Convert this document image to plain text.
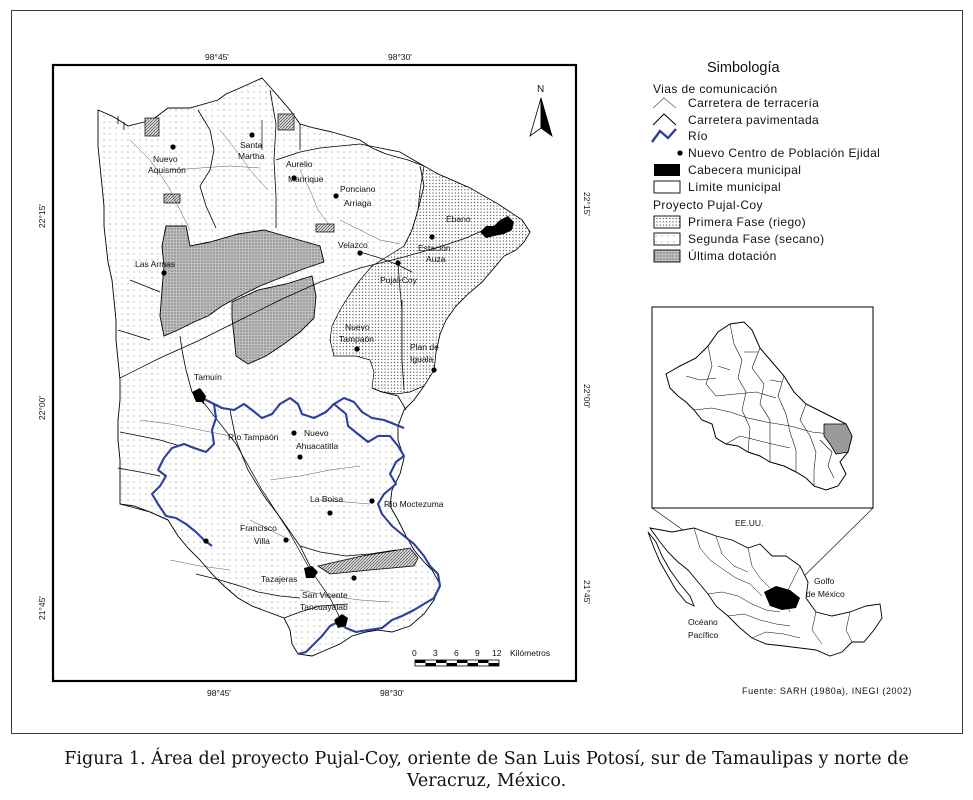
Nuevo
Aquismón
Santa
Martha
Aurelio
Manrique
Ponciano
Arriaga
Ébano
Las Armas
Velazco	Estación
Auza
Pujal-Coy
Nuevo
Tampaón
Plan de
Iguala
Tamuín
Río Tampaón	Nuevo
Ahuacatitla
La Boisa	Río Moctezuma
Francisco
Villa
Tazajeras
San Vicente
Tancuayalab
98°45'	98°30'
98°45'	98°30'
22°15'
22°00'
21°45'
22°15'
22°00'
21°45'
N
0 3 6 9 12 Kilómetros
Simbología
Vias de comunicación
Carretera de terracería
Carretera pavimentada
Río
Nuevo Centro de Población Ejidal
Cabecera municipal
Límite municipal
Proyecto Pujal-Coy
Primera Fase (riego)
Segunda Fase (secano)
Última dotación
EE.UU.
Golfo
de México
Océano
Pacífico
Fuente: SARH (1980a), INEGI (2002)
Figura 1. Área del proyecto Pujal-Coy, oriente de San Luis Potosí, sur de Tamaulipas y norte de
Veracruz, México.
